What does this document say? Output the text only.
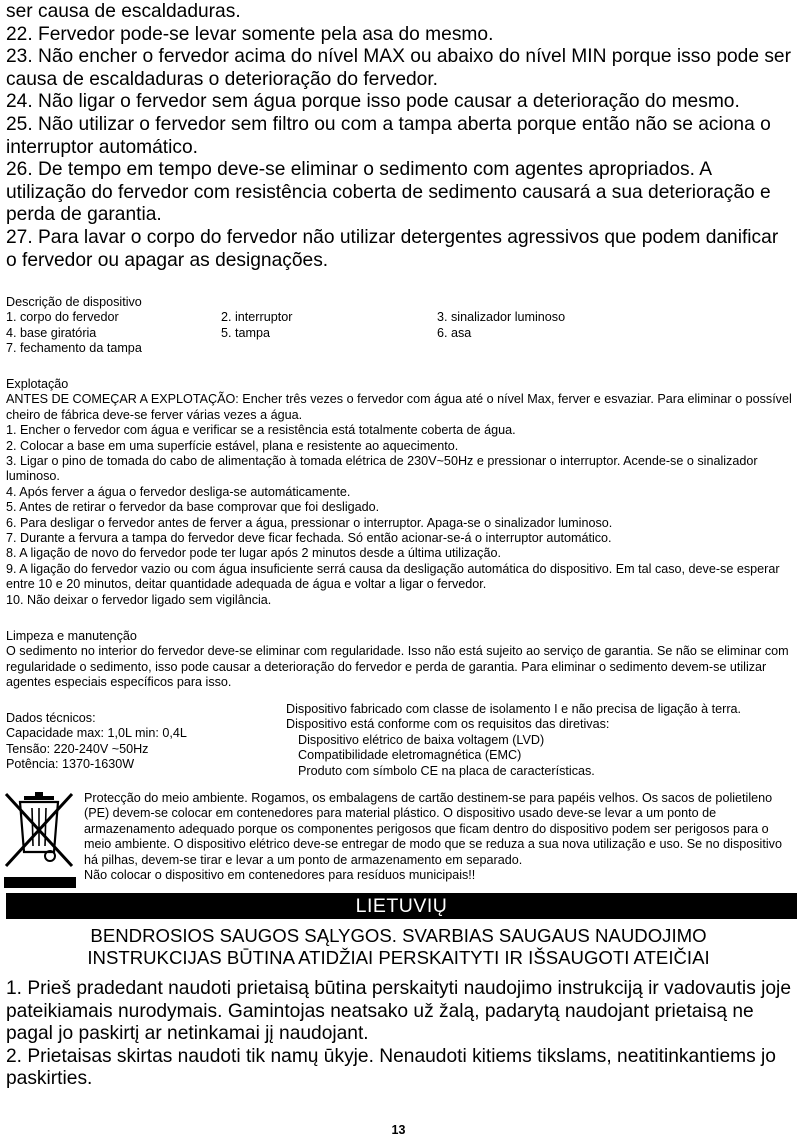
ser causa de escaldaduras.

22. Fervedor pode-se levar somente pela asa do mesmo.

23. Não encher o fervedor acima do nível MAX ou abaixo do nível MIN porque isso pode ser causa de escaldaduras o deterioração do fervedor.

24. Não ligar o fervedor sem água porque isso pode causar a deterioração do mesmo.

25. Não utilizar o fervedor sem filtro ou com a tampa aberta porque então não se aciona o interruptor automático.

26. De tempo em tempo deve-se eliminar o sedimento com agentes apropriados. A utilização do fervedor com resistência coberta de sedimento causará a sua deterioração e perda de garantia.

27. Para lavar o corpo do fervedor não utilizar detergentes agressivos que podem danificar o fervedor ou apagar as designações.

Descrição de dispositivo

1. corpo do fervedor	2. interruptor	3. sinalizador luminoso
4. base giratória	5. tampa	6. asa
7. fechamento da tampa

Explotação

ANTES DE COMEÇAR A EXPLOTAÇÃO: Encher três vezes o fervedor com água até o nível Max, ferver e esvaziar. Para eliminar o possível cheiro de fábrica deve-se ferver várias vezes a água.

1. Encher o fervedor com água e verificar se a resistência está totalmente coberta de água.

2. Colocar a base em uma superfície estável, plana e resistente ao aquecimento.

3. Ligar o pino de tomada do cabo de alimentação à tomada elétrica de 230V~50Hz e pressionar o interruptor. Acende-se o sinalizador luminoso.

4. Após ferver a água o fervedor desliga-se automáticamente.

5. Antes de retirar o fervedor da base comprovar que foi desligado.

6. Para desligar o fervedor antes de ferver a água, pressionar o interruptor. Apaga-se o sinalizador luminoso.

7. Durante a fervura a tampa do fervedor deve ficar fechada. Só então acionar-se-á o interruptor automático.

8. A ligação de novo do fervedor pode ter lugar após 2 minutos desde a última utilização.

9. A ligação do fervedor vazio ou com água insuficiente serrá causa da desligação automática do dispositivo. Em tal caso, deve-se esperar entre 10 e 20 minutos, deitar quantidade adequada de água e voltar a ligar o fervedor.

10. Não deixar o fervedor ligado sem vigilância.

Limpeza e manutenção

O sedimento no interior do fervedor deve-se eliminar com regularidade. Isso não está sujeito ao serviço de garantia. Se não se eliminar com regularidade o sedimento, isso pode causar a deterioração do fervedor e perda de garantia. Para eliminar o sedimento devem-se utilizar agentes especiais específicos para isso.

Dados técnicos:

Capacidade max: 1,0L min: 0,4L

Tensão: 220-240V ~50Hz

Potência: 1370-1630W

Dispositivo fabricado com classe de isolamento I e não precisa de ligação à terra.

Dispositivo está conforme com os requisitos das diretivas:

Dispositivo elétrico de baixa voltagem (LVD)

Compatibilidade eletromagnética (EMC)

Produto com símbolo CE na placa de características.

Protecção do meio ambiente. Rogamos, os embalagens de cartão destinem-se para papéis velhos. Os sacos de polietileno (PE) devem-se colocar em contenedores para material plástico. O dispositivo usado deve-se levar a um ponto de armazenamento adequado porque os componentes perigosos que ficam dentro do dispositivo podem ser perigosos para o meio ambiente. O dispositivo elétrico deve-se entregar de modo que se reduza a sua nova utilização e uso. Se no dispositivo há pilhas, devem-se tirar e levar a um ponto de armazenamento em separado.

Não colocar o dispositivo em contenedores para resíduos municipais!!

LIETUVIŲ
BENDROSIOS SAUGOS SĄLYGOS. SVARBIAS SAUGAUS NAUDOJIMO
INSTRUKCIJAS BŪTINA ATIDŽIAI PERSKAITYTI IR IŠSAUGOTI ATEIČIAI

1. Prieš pradedant naudoti prietaisą būtina perskaityti naudojimo instrukciją ir vadovautis joje pateikiamais nurodymais. Gamintojas neatsako už žalą, padarytą naudojant prietaisą ne pagal jo paskirtį ar netinkamai jį naudojant.

2. Prietaisas skirtas naudoti tik namų ūkyje. Nenaudoti kitiems tikslams, neatitinkantiems jo paskirties.

13
